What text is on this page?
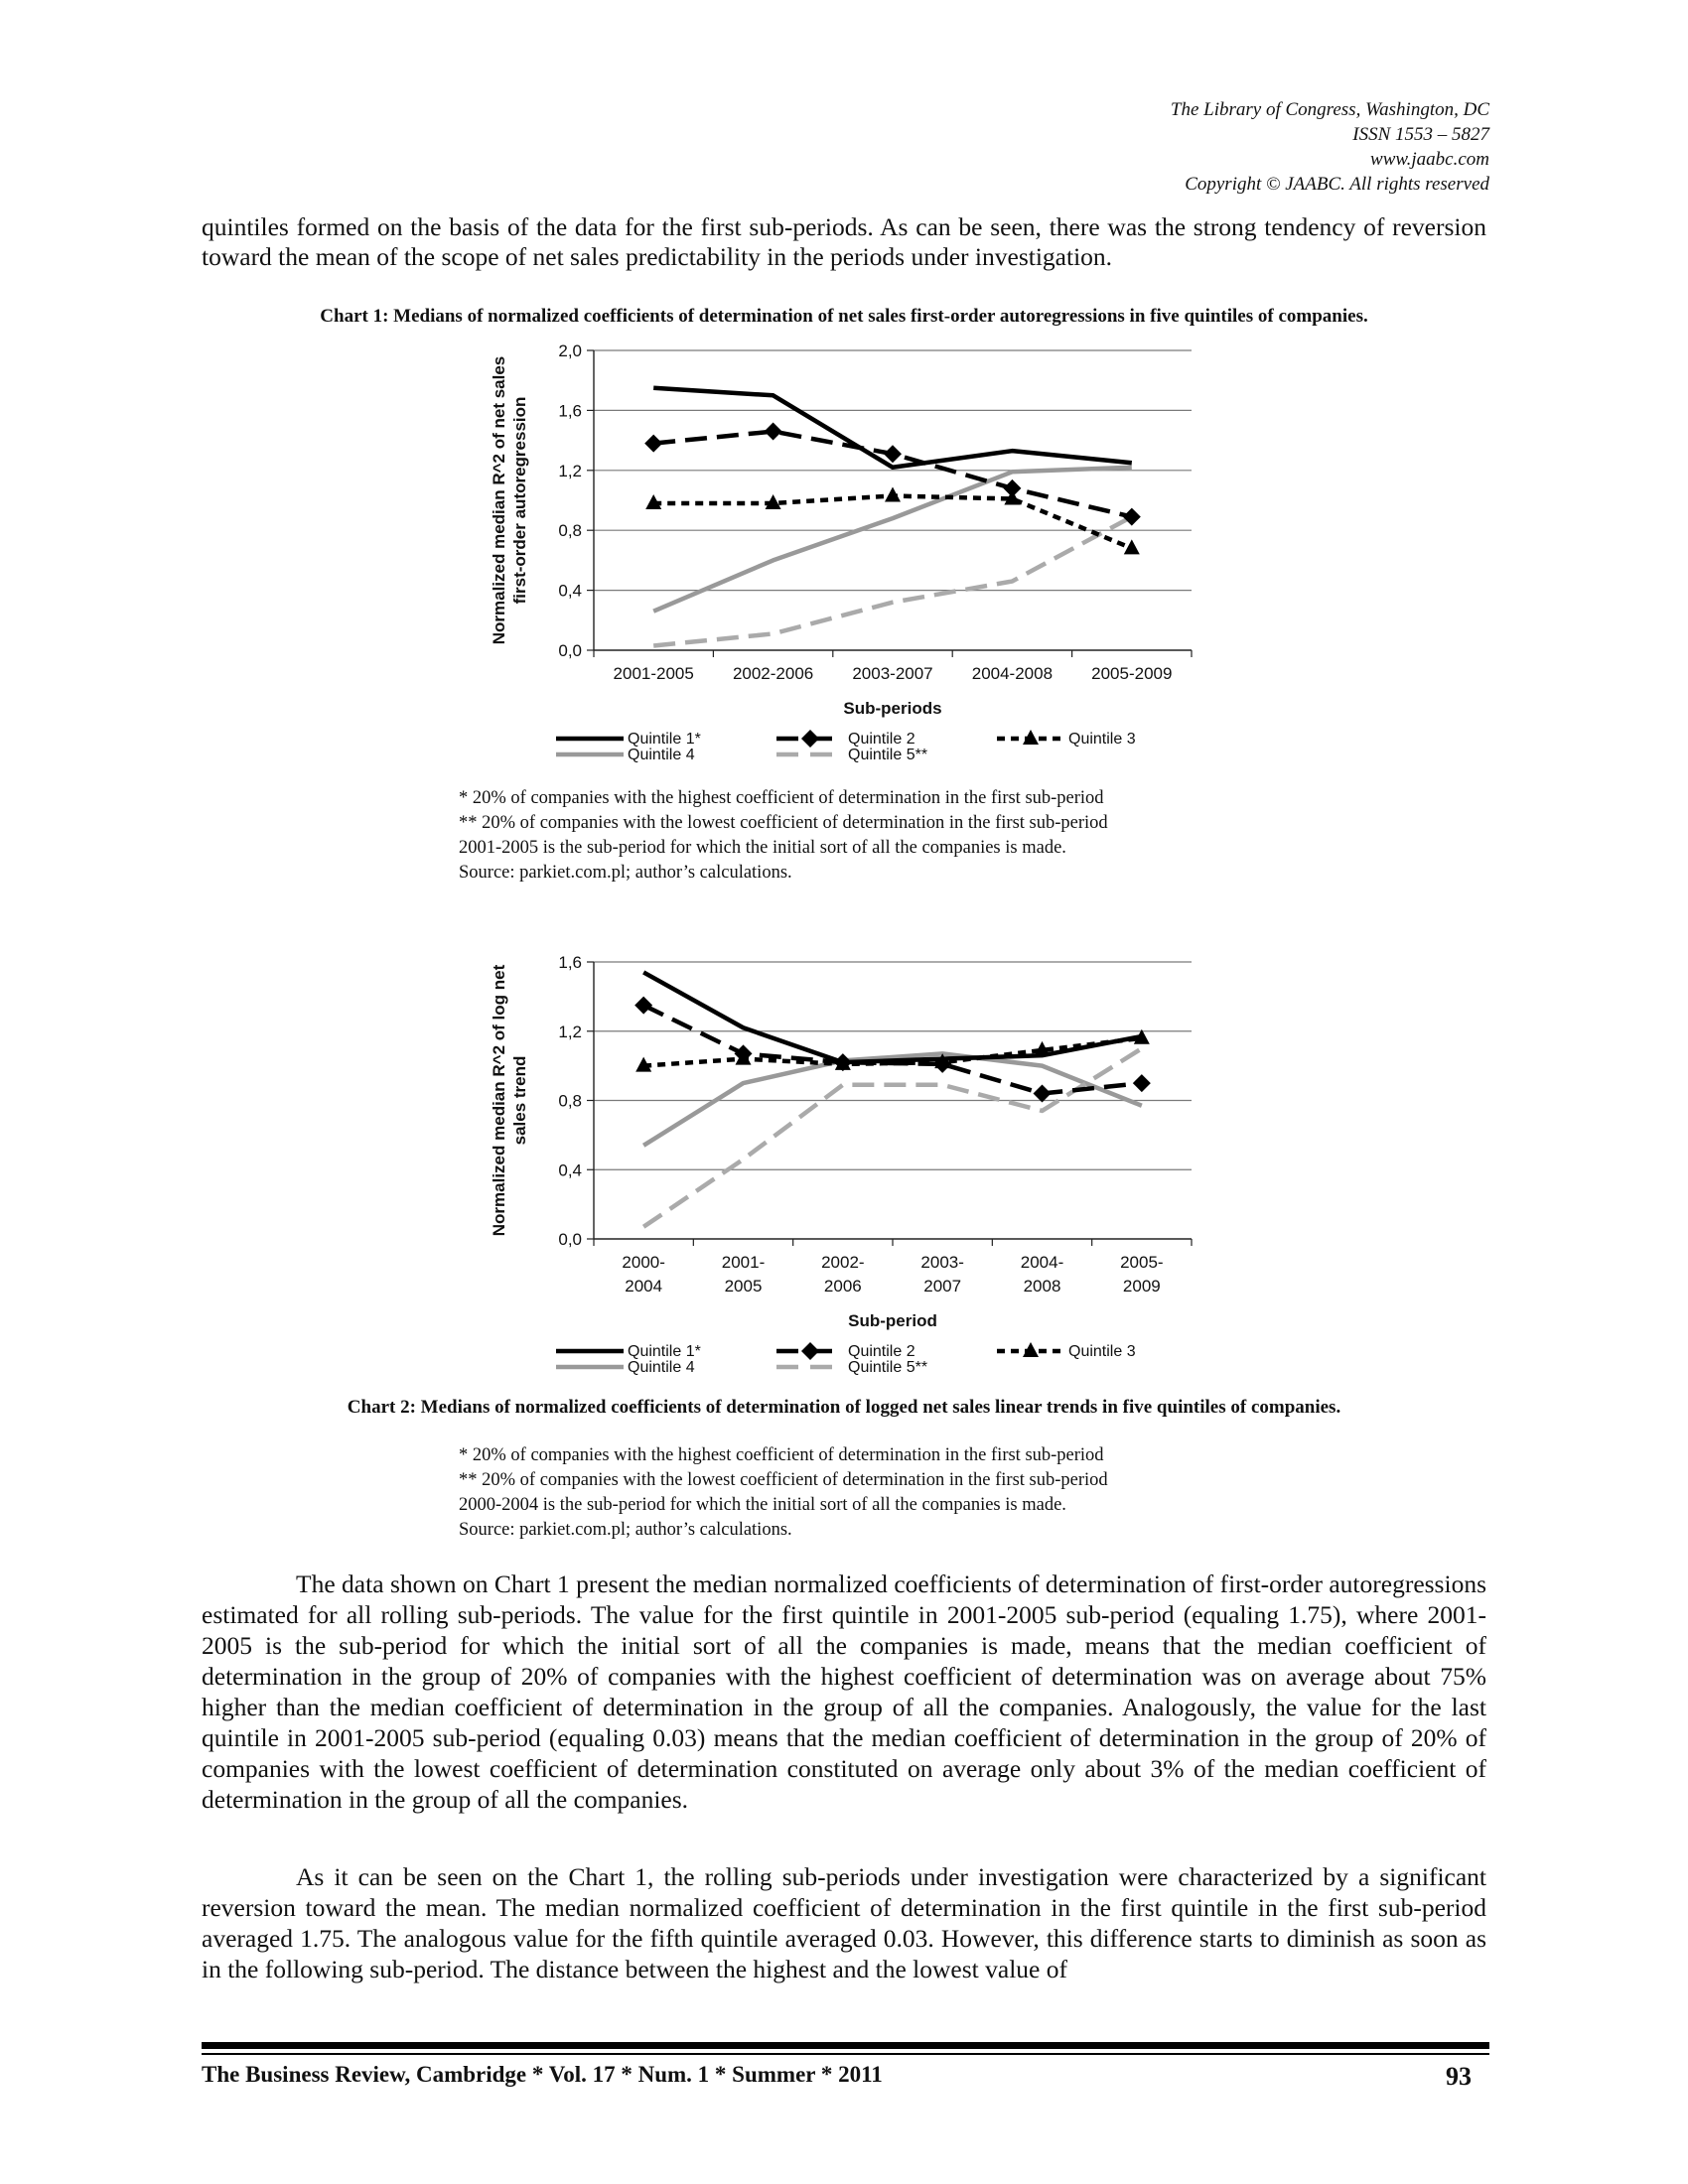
The Library of Congress, Washington, DC
ISSN 1553 – 5827
www.jaabc.com
Copyright © JAABC. All rights reserved
quintiles formed on the basis of the data for the first sub-periods. As can be seen, there was the strong tendency of reversion toward the mean of the scope of net sales predictability in the periods under investigation.
Chart 1: Medians of normalized coefficients of determination of net sales first-order autoregressions in five quintiles of companies.
0,0
0,4
0,8
1,2
1,6
2,0
2001-2005 2002-2006 2003-2007 2004-2008 2005-2009
Sub-periods
Normalized median R^2 of net sales first-order autoregression
Quintile 1*	Quintile 2	Quintile 3
Quintile 4	Quintile 5**
* 20% of companies with the highest coefficient of determination in the first sub-period
** 20% of companies with the lowest coefficient of determination in the first sub-period
2001-2005 is the sub-period for which the initial sort of all the companies is made.
Source: parkiet.com.pl; author’s calculations.
0,0
0,4
0,8
1,2
1,6
2000-
2004
2001-
2005
2002-
2006
2003-
2007
2004-
2008
2005-
2009
Sub-period
Normalized median R^2 of log net sales trend
Quintile 1*	Quintile 2	Quintile 3
Quintile 4	Quintile 5**
Chart 2: Medians of normalized coefficients of determination of logged net sales linear trends in five quintiles of companies.
* 20% of companies with the highest coefficient of determination in the first sub-period
** 20% of companies with the lowest coefficient of determination in the first sub-period
2000-2004 is the sub-period for which the initial sort of all the companies is made.
Source: parkiet.com.pl; author’s calculations.

The data shown on Chart 1 present the median normalized coefficients of determination of first-order autoregressions estimated for all rolling sub-periods. The value for the first quintile in 2001-2005 sub-period (equaling 1.75), where 2001-2005 is the sub-period for which the initial sort of all the companies is made, means that the median coefficient of determination in the group of 20% of companies with the highest coefficient of determination was on average about 75% higher than the median coefficient of determination in the group of all the companies. Analogously, the value for the last quintile in 2001-2005 sub-period (equaling 0.03) means that the median coefficient of determination in the group of 20% of companies with the lowest coefficient of determination constituted on average only about 3% of the median coefficient of determination in the group of all the companies.

As it can be seen on the Chart 1, the rolling sub-periods under investigation were characterized by a significant reversion toward the mean. The median normalized coefficient of determination in the first quintile in the first sub-period averaged 1.75. The analogous value for the fifth quintile averaged 0.03. However, this difference starts to diminish as soon as in the following sub-period. The distance between the highest and the lowest value of

The Business Review, Cambridge * Vol. 17 * Num. 1 * Summer * 2011	93
